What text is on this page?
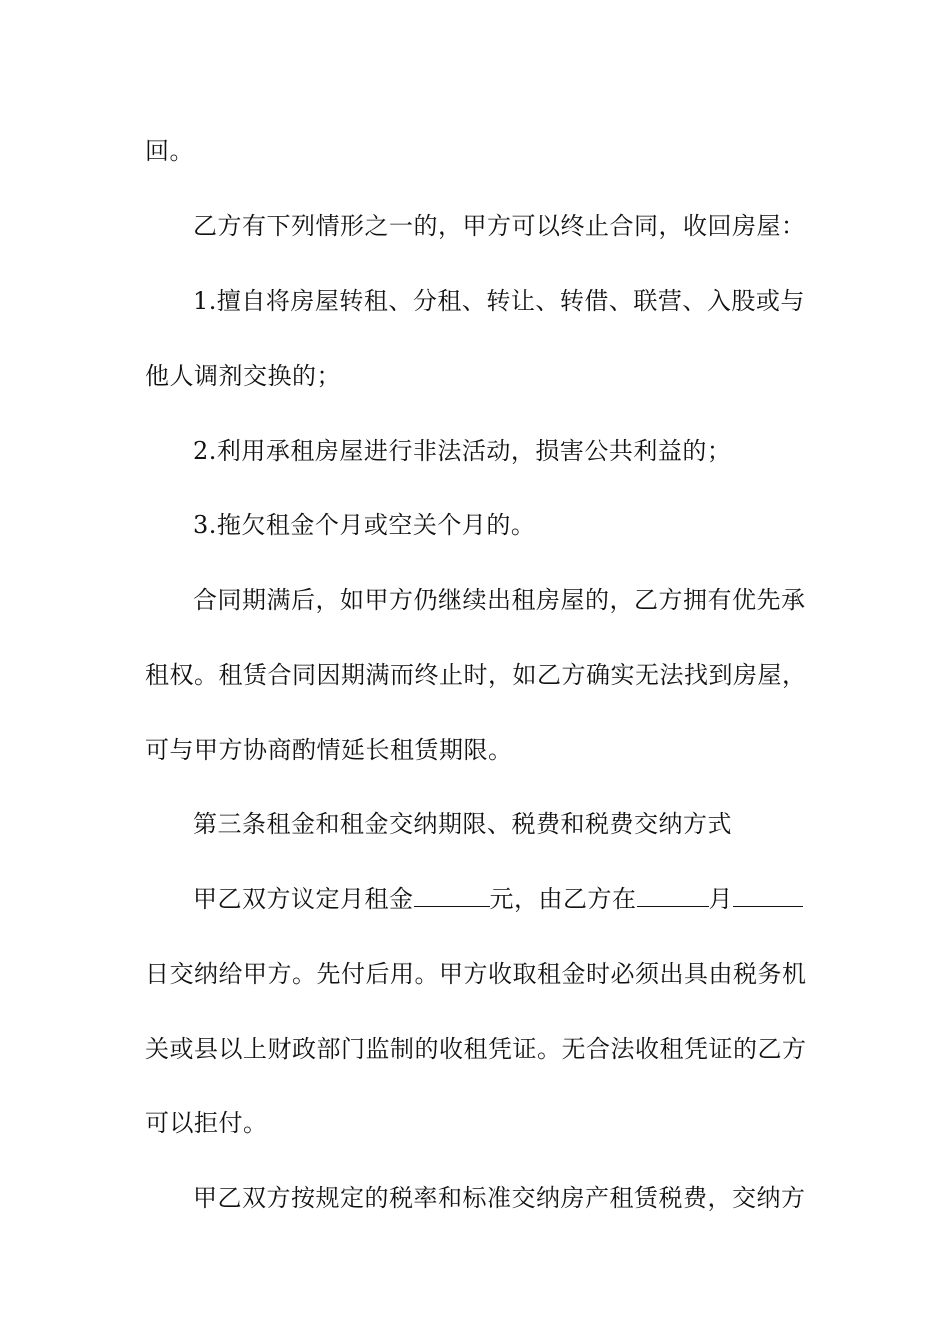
回。
乙方有下列情形之一的，甲方可以终止合同，收回房屋：
1.擅自将房屋转租、分租、转让、转借、联营、入股或与
他人调剂交换的；
2.利用承租房屋进行非法活动，损害公共利益的；
3.拖欠租金个月或空关个月的。
合同期满后，如甲方仍继续出租房屋的，乙方拥有优先承
租权。租赁合同因期满而终止时，如乙方确实无法找到房屋，
可与甲方协商酌情延长租赁期限。
第三条租金和租金交纳期限、税费和税费交纳方式
甲乙双方议定月租金	元，由乙方在	月
日交纳给甲方。先付后用。甲方收取租金时必须出具由税务机
关或县以上财政部门监制的收租凭证。无合法收租凭证的乙方
可以拒付。
甲乙双方按规定的税率和标准交纳房产租赁税费，交纳方
